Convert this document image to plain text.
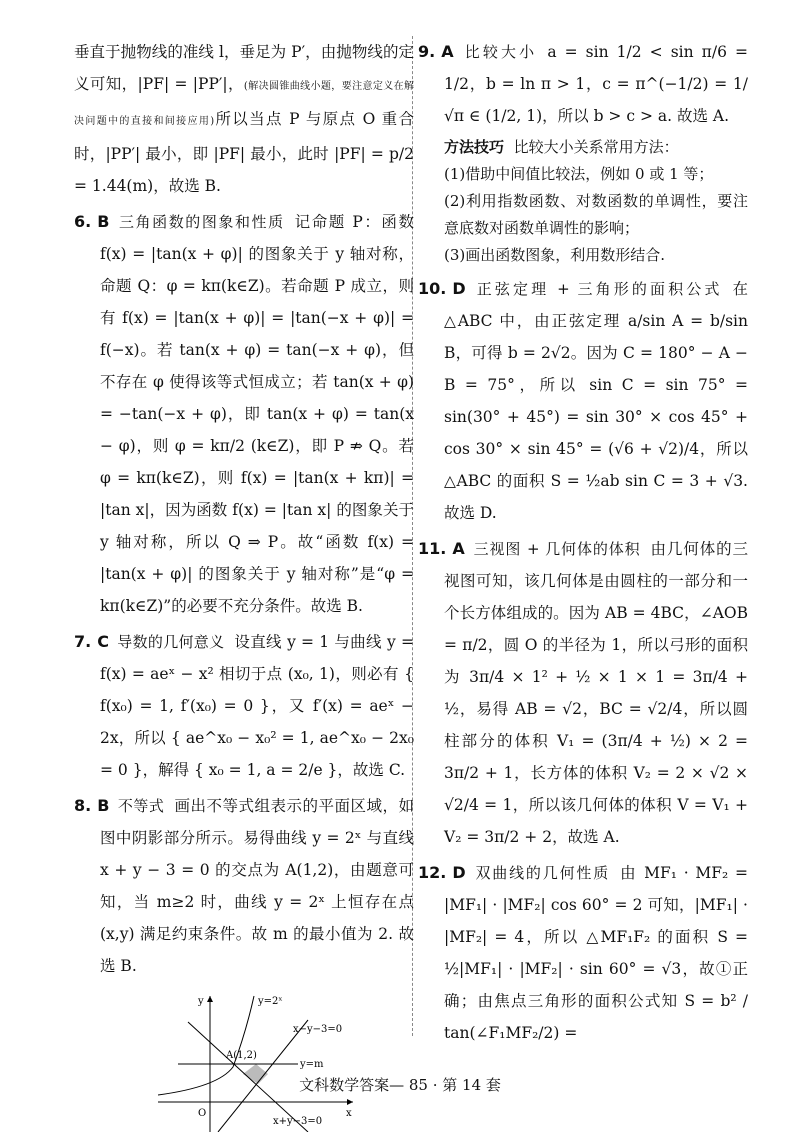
垂直于抛物线的准线 l，垂足为 P′，由抛物线的定义可知，|PF| = |PP′|，(解决圆锥曲线小题，要注意定义在解决问题中的直接和间接应用)所以当点 P 与原点 O 重合时，|PP′| 最小，即 |PF| 最小，此时 |PF| = p/2 = 1.44(m)，故选 B.

6. B 三角函数的图象和性质 记命题 P：函数 f(x) = |tan(x + φ)| 的图象关于 y 轴对称，命题 Q：φ = kπ(k∈Z)。若命题 P 成立，则有 f(x) = |tan(x + φ)| = |tan(−x + φ)| = f(−x)。若 tan(x + φ) = tan(−x + φ)，但不存在 φ 使得该等式恒成立；若 tan(x + φ) = −tan(−x + φ)，即 tan(x + φ) = tan(x − φ)，则 φ = kπ/2 (k∈Z)，即 P ⇏ Q。若 φ = kπ(k∈Z)，则 f(x) = |tan(x + kπ)| = |tan x|，因为函数 f(x) = |tan x| 的图象关于 y 轴对称，所以 Q ⇒ P。故“函数 f(x) = |tan(x + φ)| 的图象关于 y 轴对称”是“φ = kπ(k∈Z)”的必要不充分条件。故选 B.

7. C 导数的几何意义 设直线 y = 1 与曲线 y = f(x) = aeˣ − x² 相切于点 (x₀, 1)，则必有 { f(x₀) = 1, f′(x₀) = 0 }，又 f′(x) = aeˣ − 2x，所以 { ae^x₀ − x₀² = 1, ae^x₀ − 2x₀ = 0 }，解得 { x₀ = 1, a = 2/e }，故选 C.

8. B 不等式 画出不等式组表示的平面区域，如图中阴影部分所示。易得曲线 y = 2ˣ 与直线 x + y − 3 = 0 的交点为 A(1,2)，由题意可知，当 m≥2 时，曲线 y = 2ˣ 上恒存在点 (x,y) 满足约束条件。故 m 的最小值为 2. 故选 B.

y
x
O
y=2ˣ
x−y−3=0
x+y−3=0
y=m
A(1,2)

9. A 比较大小 a = sin 1/2 < sin π/6 = 1/2，b = ln π > 1，c = π^(−1/2) = 1/√π ∈ (1/2, 1)，所以 b > c > a. 故选 A.

方法技巧 比较大小关系常用方法：

(1)借助中间值比较法，例如 0 或 1 等；

(2)利用指数函数、对数函数的单调性，要注意底数对函数单调性的影响；

(3)画出函数图象，利用数形结合.

10. D 正弦定理 + 三角形的面积公式 在 △ABC 中，由正弦定理 a/sin A = b/sin B，可得 b = 2√2。因为 C = 180° − A − B = 75°，所以 sin C = sin 75° = sin(30° + 45°) = sin 30° × cos 45° + cos 30° × sin 45° = (√6 + √2)/4，所以 △ABC 的面积 S = ½ab sin C = 3 + √3. 故选 D.

11. A 三视图 + 几何体的体积 由几何体的三视图可知，该几何体是由圆柱的一部分和一个长方体组成的。因为 AB = 4BC，∠AOB = π/2，圆 O 的半径为 1，所以弓形的面积为 3π/4 × 1² + ½ × 1 × 1 = 3π/4 + ½，易得 AB = √2，BC = √2/4，所以圆柱部分的体积 V₁ = (3π/4 + ½) × 2 = 3π/2 + 1，长方体的体积 V₂ = 2 × √2 × √2/4 = 1，所以该几何体的体积 V = V₁ + V₂ = 3π/2 + 2，故选 A.

12. D 双曲线的几何性质 由 MF₁ · MF₂ = |MF₁| · |MF₂| cos 60° = 2 可知，|MF₁| · |MF₂| = 4，所以 △MF₁F₂ 的面积 S = ½|MF₁| · |MF₂| · sin 60° = √3，故①正确；由焦点三角形的面积公式知 S = b² / tan(∠F₁MF₂/2) =

文科数学答案— 85 · 第 14 套
